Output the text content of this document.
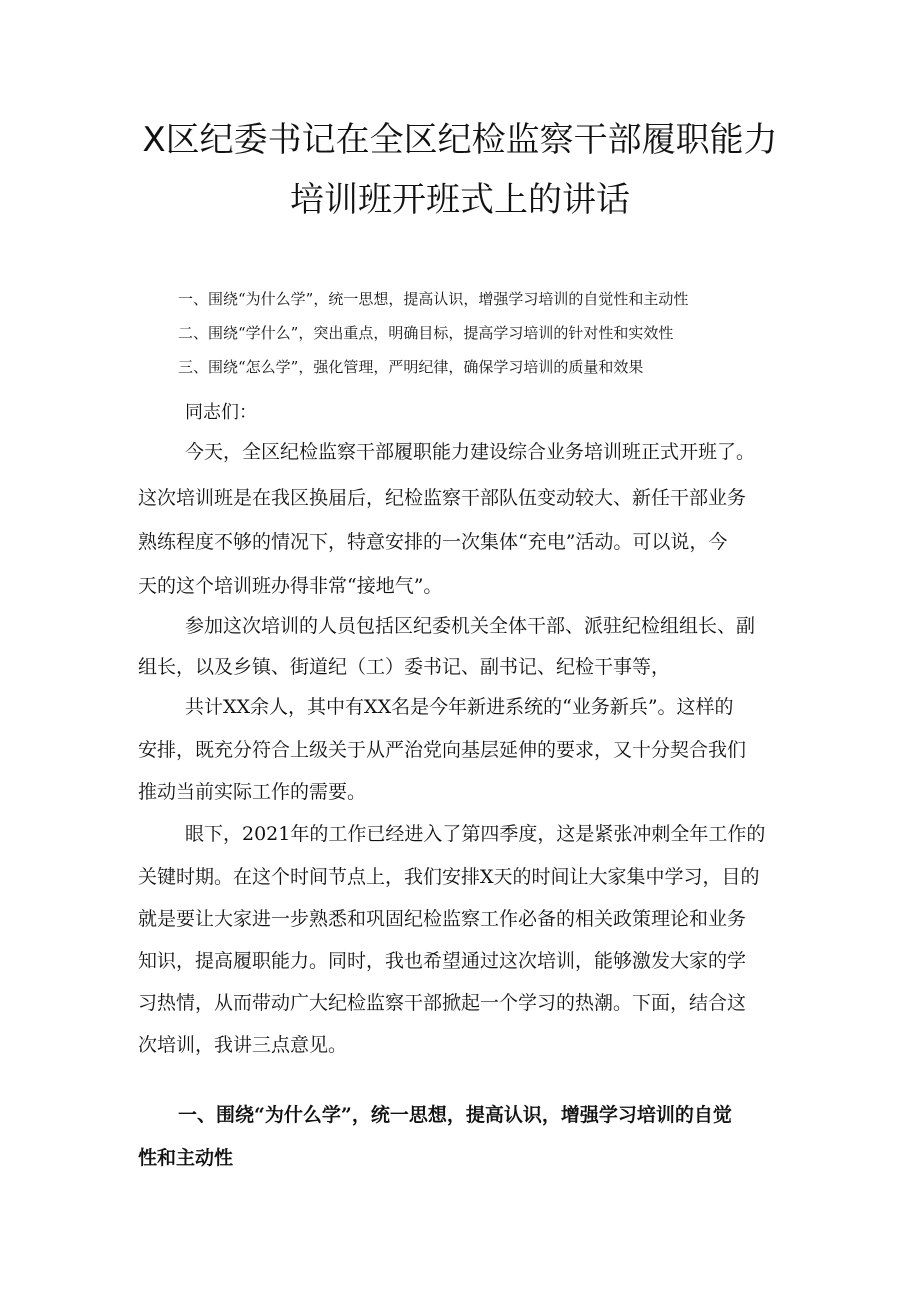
X区纪委书记在全区纪检监察干部履职能力
培训班开班式上的讲话
一、围绕“为什么学”，统一思想，提高认识，增强学习培训的自觉性和主动性
二、围绕“学什么”，突出重点，明确目标，提高学习培训的针对性和实效性
三、围绕“怎么学”，强化管理，严明纪律，确保学习培训的质量和效果
同志们：
今天，全区纪检监察干部履职能力建设综合业务培训班正式开班了。
这次培训班是在我区换届后，纪检监察干部队伍变动较大、新任干部业务
熟练程度不够的情况下，特意安排的一次集体“充电”活动。可以说，今
天的这个培训班办得非常“接地气”。
参加这次培训的人员包括区纪委机关全体干部、派驻纪检组组长、副
组长，以及乡镇、街道纪（工）委书记、副书记、纪检干事等，
共计XX余人，其中有XX名是今年新进系统的“业务新兵”。这样的
安排，既充分符合上级关于从严治党向基层延伸的要求，又十分契合我们
推动当前实际工作的需要。
眼下，2021年的工作已经进入了第四季度，这是紧张冲刺全年工作的
关键时期。在这个时间节点上，我们安排X天的时间让大家集中学习，目的
就是要让大家进一步熟悉和巩固纪检监察工作必备的相关政策理论和业务
知识，提高履职能力。同时，我也希望通过这次培训，能够激发大家的学
习热情，从而带动广大纪检监察干部掀起一个学习的热潮。下面，结合这
次培训，我讲三点意见。
一、围绕“为什么学”，统一思想，提高认识，增强学习培训的自觉
性和主动性
